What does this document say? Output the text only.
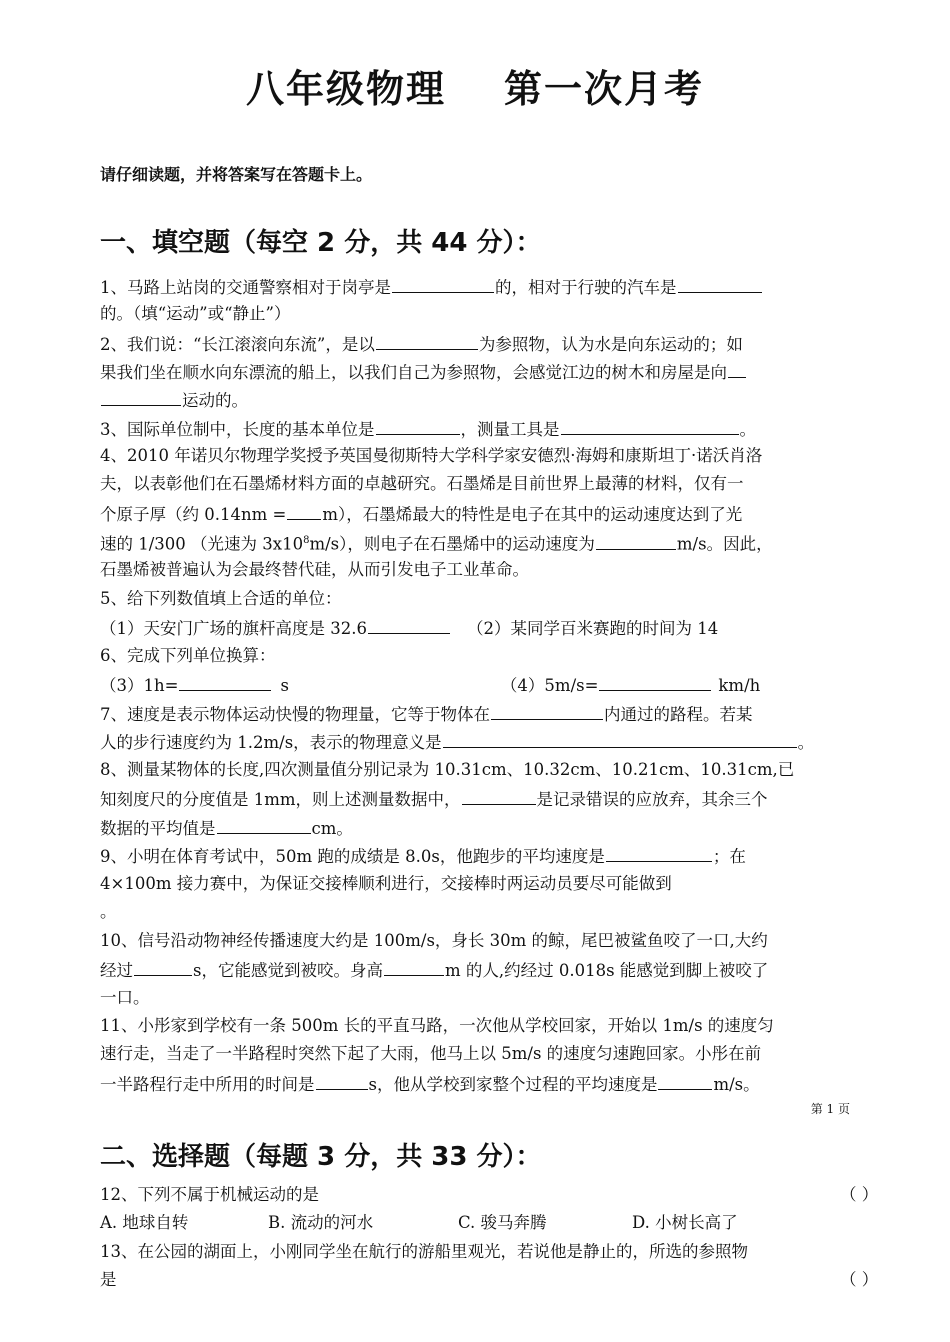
八年级物理 第一次月考
请仔细读题，并将答案写在答题卡上。
一、填空题（每空 2 分，共 44 分）：
1、马路上站岗的交通警察相对于岗亭是	的，相对于行驶的汽车是
的。（填“运动”或“静止”）
2、我们说：“长江滚滚向东流”，是以	为参照物，认为水是向东运动的；如
果我们坐在顺水向东漂流的船上，以我们自己为参照物，会感觉江边的树木和房屋是向
运动的。
3、国际单位制中，长度的基本单位是	，测量工具是	。
4、2010 年诺贝尔物理学奖授予英国曼彻斯特大学科学家安德烈·海姆和康斯坦丁·诺沃肖洛
夫，以表彰他们在石墨烯材料方面的卓越研究。石墨烯是目前世界上最薄的材料，仅有一
个原子厚（约 0.14nm = m），石墨烯最大的特性是电子在其中的运动速度达到了光
速的 1/300 （光速为 $3x10^8m/s$），则电子在石墨烯中的运动速度为	m/s。因此，
石墨烯被普遍认为会最终替代硅，从而引发电子工业革命。
5、给下列数值填上合适的单位：
（1）天安门广场的旗杆高度是 32.6	（2）某同学百米赛跑的时间为 14
6、完成下列单位换算：
（3）1h=	s	（4）5m/s=	km/h
7、速度是表示物体运动快慢的物理量，它等于物体在	内通过的路程。若某
人的步行速度约为 1.2m/s，表示的物理意义是	。
8、测量某物体的长度,四次测量值分别记录为 10.31cm、10.32cm、10.21cm、10.31cm,已
知刻度尺的分度值是 1mm，则上述测量数据中，	是记录错误的应放弃，其余三个
数据的平均值是	cm。
9、小明在体育考试中，50m 跑的成绩是 8.0s，他跑步的平均速度是	；在
4×100m 接力赛中，为保证交接棒顺利进行，交接棒时两运动员要尽可能做到
。
10、信号沿动物神经传播速度大约是 100m/s，身长 30m 的鲸，尾巴被鲨鱼咬了一口,大约
经过	s，它能感觉到被咬。身高	m 的人,约经过 0.018s 能感觉到脚上被咬了
一口。
11、小彤家到学校有一条 500m 长的平直马路，一次他从学校回家，开始以 1m/s 的速度匀
速行走，当走了一半路程时突然下起了大雨，他马上以 5m/s 的速度匀速跑回家。小彤在前
一半路程行走中所用的时间是	s，他从学校到家整个过程的平均速度是	m/s。
第 1 页
二、选择题（每题 3 分，共 33 分）：
12、下列不属于机械运动的是	（ ）
A. 地球自转	B. 流动的河水	C. 骏马奔腾	D. 小树长高了
13、在公园的湖面上，小刚同学坐在航行的游船里观光，若说他是静止的，所选的参照物
是	（ ）
